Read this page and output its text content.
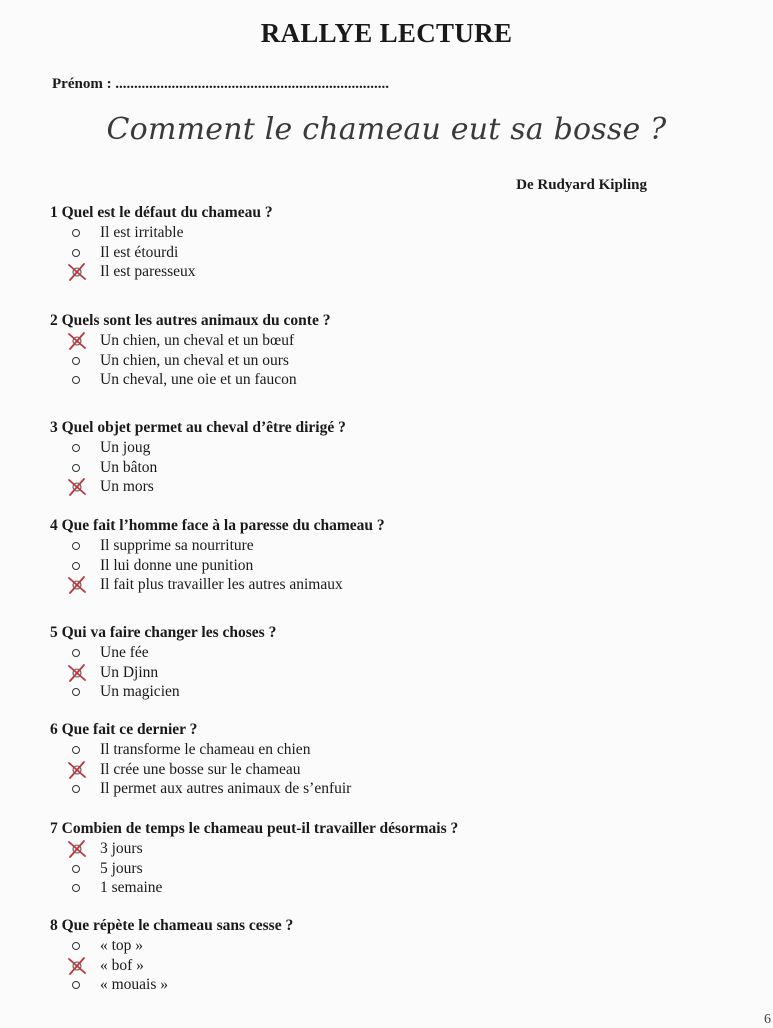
RALLYE LECTURE
Prénom : .........................................................................
Comment le chameau eut sa bosse ?
De Rudyard Kipling
1 Quel est le défaut du chameau ?
Il est irritable
Il est étourdi
Il est paresseux
2 Quels sont les autres animaux du conte ?
Un chien, un cheval et un bœuf
Un chien, un cheval et un ours
Un cheval, une oie et un faucon
3 Quel objet permet au cheval d’être dirigé ?
Un joug
Un bâton
Un mors
4 Que fait l’homme face à la paresse du chameau ?
Il supprime sa nourriture
Il lui donne une punition
Il fait plus travailler les autres animaux
5 Qui va faire changer les choses ?
Une fée
Un Djinn
Un magicien
6 Que fait ce dernier ?
Il transforme le chameau en chien
Il crée une bosse sur le chameau
Il permet aux autres animaux de s’enfuir
7 Combien de temps le chameau peut-il travailler désormais ?
3 jours
5 jours
1 semaine
8 Que répète le chameau sans cesse ?
« top »
« bof »
« mouais »
6
